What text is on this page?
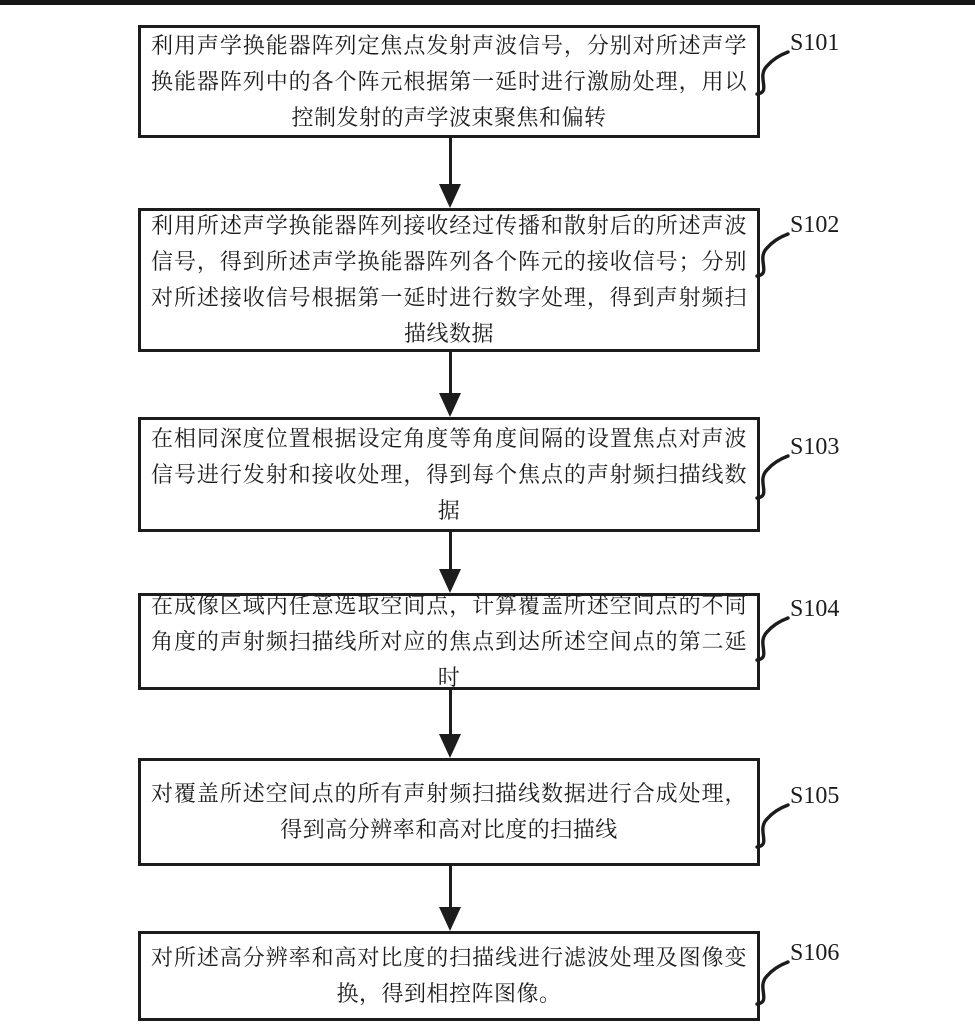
利用声学换能器阵列定焦点发射声波信号，分别对所述声学换能器阵列中的各个阵元根据第一延时进行激励处理，用以控制发射的声学波束聚焦和偏转

S101

利用所述声学换能器阵列接收经过传播和散射后的所述声波信号，得到所述声学换能器阵列各个阵元的接收信号；分别对所述接收信号根据第一延时进行数字处理，得到声射频扫描线数据

S102

在相同深度位置根据设定角度等角度间隔的设置焦点对声波信号进行发射和接收处理，得到每个焦点的声射频扫描线数据

S103

在成像区域内任意选取空间点，计算覆盖所述空间点的不同角度的声射频扫描线所对应的焦点到达所述空间点的第二延时

S104

对覆盖所述空间点的所有声射频扫描线数据进行合成处理，得到高分辨率和高对比度的扫描线

S105

对所述高分辨率和高对比度的扫描线进行滤波处理及图像变换，得到相控阵图像。

S106
